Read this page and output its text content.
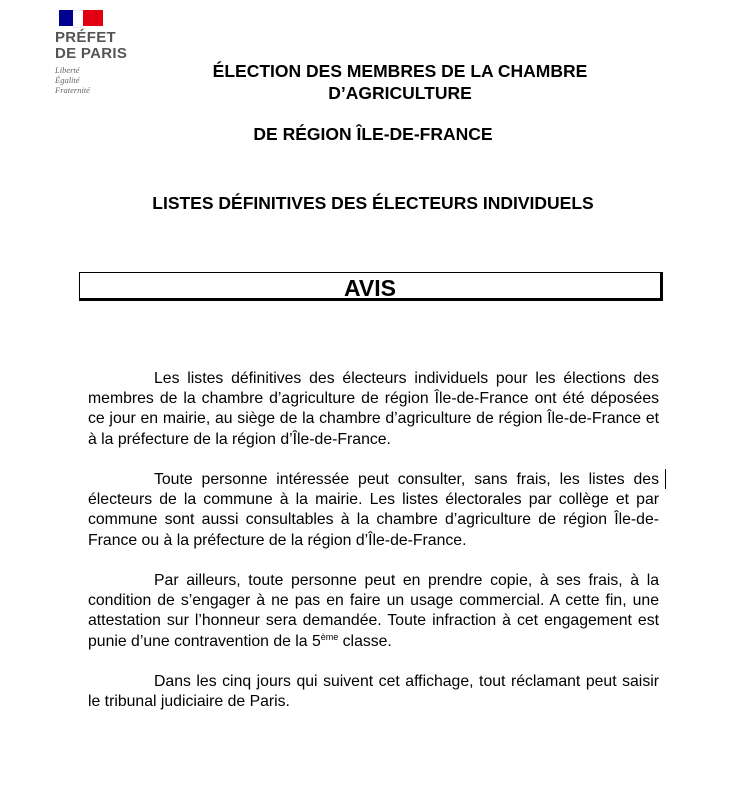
PRÉFET
DE PARIS
Liberté
Égalité
Fraternité
ÉLECTION DES MEMBRES DE LA CHAMBRE D’AGRICULTURE
DE RÉGION ÎLE-DE-FRANCE
LISTES DÉFINITIVES DES ÉLECTEURS INDIVIDUELS
AVIS

Les listes définitives des électeurs individuels pour les élections des membres de la chambre d’agriculture de région Île-de-France ont été déposées ce jour en mairie, au siège de la chambre d’agriculture de région Île-de-France et à la préfecture de la région d’Île-de-France.

Toute personne intéressée peut consulter, sans frais, les listes des électeurs de la commune à la mairie. Les listes électorales par collège et par commune sont aussi consultables à la chambre d’agriculture de région Île-de-France ou à la préfecture de la région d’Île-de-France.

Par ailleurs, toute personne peut en prendre copie, à ses frais, à la condition de s’engager à ne pas en faire un usage commercial. A cette fin, une attestation sur l’honneur sera demandée. Toute infraction à cet engagement est punie d’une contravention de la 5ème classe.

Dans les cinq jours qui suivent cet affichage, tout réclamant peut saisir le tribunal judiciaire de Paris.
